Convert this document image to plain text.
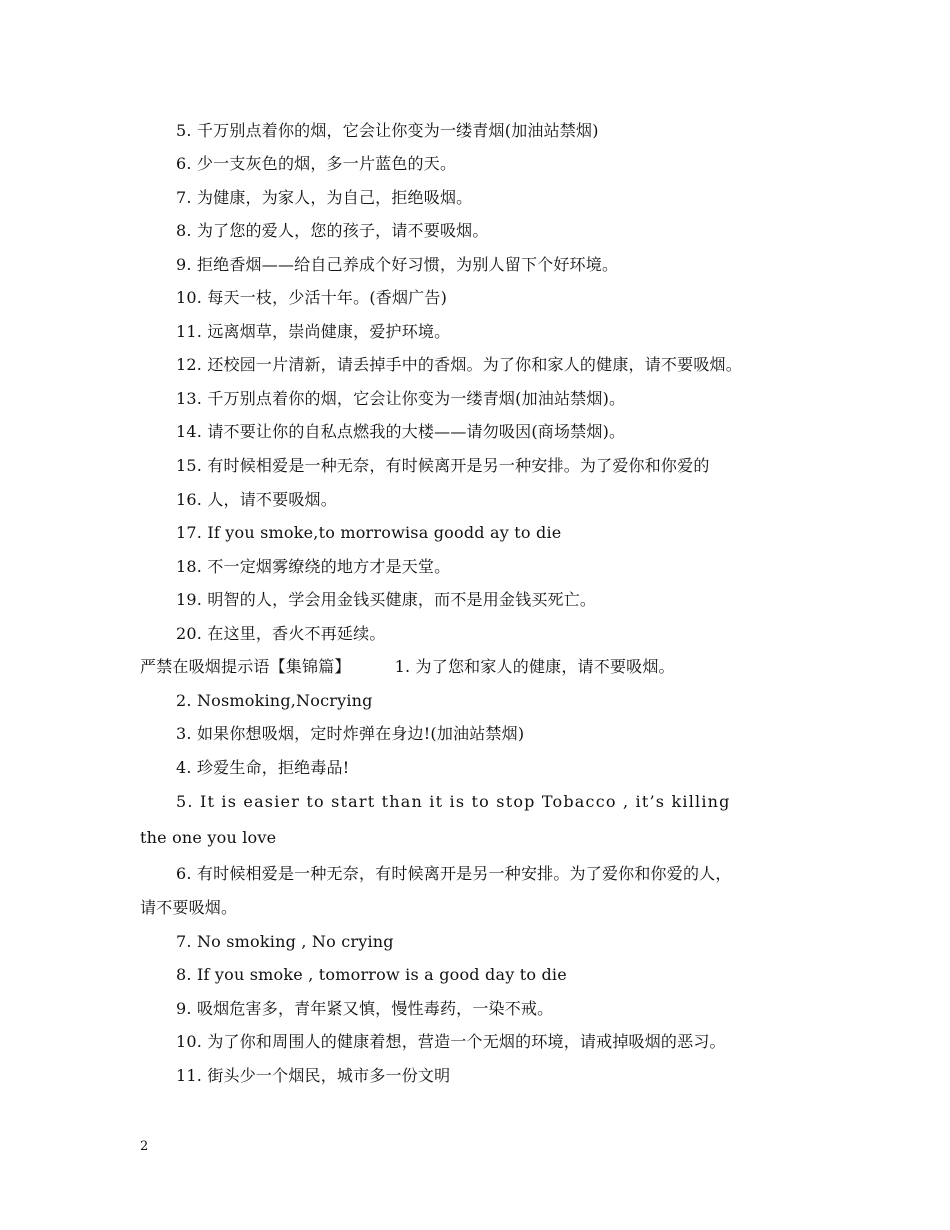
5. 千万别点着你的烟，它会让你变为一缕青烟(加油站禁烟)
6. 少一支灰色的烟，多一片蓝色的天。
7. 为健康，为家人，为自己，拒绝吸烟。
8. 为了您的爱人，您的孩子，请不要吸烟。
9. 拒绝香烟——给自己养成个好习惯，为别人留下个好环境。
10. 每天一枝，少活十年。(香烟广告)
11. 远离烟草，崇尚健康，爱护环境。
12. 还校园一片清新，请丢掉手中的香烟。为了你和家人的健康，请不要吸烟。
13. 千万别点着你的烟，它会让你变为一缕青烟(加油站禁烟)。
14. 请不要让你的自私点燃我的大楼——请勿吸因(商场禁烟)。
15. 有时候相爱是一种无奈，有时候离开是另一种安排。为了爱你和你爱的
16. 人，请不要吸烟。
17. If you smoke,to morrowisa goodd ay to die
18. 不一定烟雾缭绕的地方才是天堂。
19. 明智的人，学会用金钱买健康，而不是用金钱买死亡。
20. 在这里，香火不再延续。
严禁在吸烟提示语【集锦篇】	1. 为了您和家人的健康，请不要吸烟。
2. Nosmoking,Nocrying
3. 如果你想吸烟，定时炸弹在身边!(加油站禁烟)
4. 珍爱生命，拒绝毒品!
5. It is easier to start than it is to stop Tobacco , it’s killing
the one you love
6. 有时候相爱是一种无奈，有时候离开是另一种安排。为了爱你和你爱的人，
请不要吸烟。
7. No smoking , No crying
8. If you smoke , tomorrow is a good day to die
9. 吸烟危害多，青年紧又慎，慢性毒药，一染不戒。
10. 为了你和周围人的健康着想，营造一个无烟的环境，请戒掉吸烟的恶习。
11. 街头少一个烟民，城市多一份文明
2
